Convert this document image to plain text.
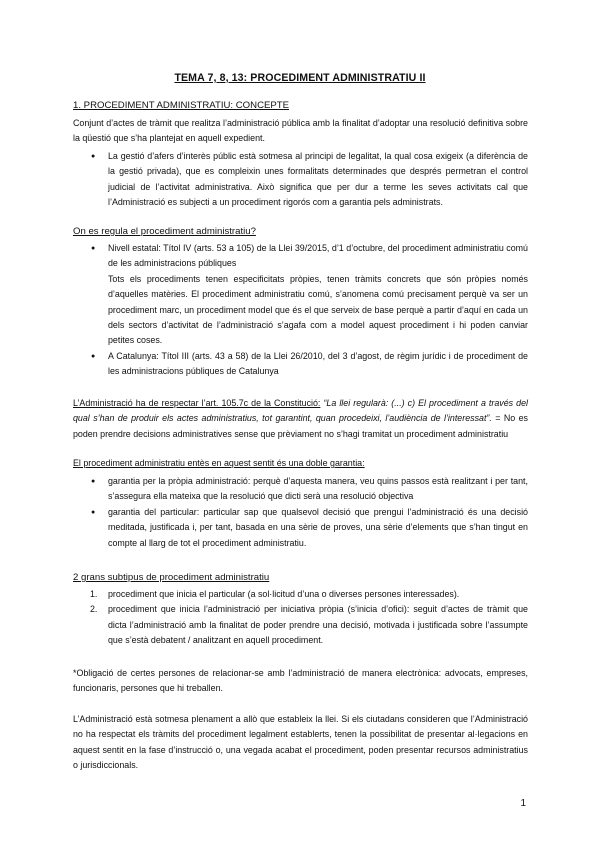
TEMA 7, 8, 13: PROCEDIMENT ADMINISTRATIU II
1. PROCEDIMENT ADMINISTRATIU: CONCEPTE
Conjunt d’actes de tràmit que realitza l’administració pública amb la finalitat d’adoptar una resolució definitiva sobre la qüestió que s’ha plantejat en aquell expedient.
● La gestió d’afers d’interès públic està sotmesa al principi de legalitat, la qual cosa exigeix (a diferència de la gestió privada), que es compleixin unes formalitats determinades que després permetran el control judicial de l’activitat administrativa. Això significa que per dur a terme les seves activitats cal que l’Administració es subjecti a un procediment rigorós com a garantia pels administrats.
On es regula el procediment administratiu?
● Nivell estatal: Títol IV (arts. 53 a 105) de la Llei 39/2015, d’1 d’octubre, del procediment administratiu comú de les administracions públiques
Tots els procediments tenen especificitats pròpies, tenen tràmits concrets que són pròpies només d’aquelles matèries. El procediment administratiu comú, s’anomena comú precisament perquè va ser un procediment marc, un procediment model que és el que serveix de base perquè a partir d’aquí en cada un dels sectors d’activitat de l’administració s’agafa com a model aquest procediment i hi poden canviar petites coses.
● A Catalunya: Títol III (arts. 43 a 58) de la Llei 26/2010, del 3 d’agost, de règim jurídic i de procediment de les administracions públiques de Catalunya
L’Administració ha de respectar l’art. 105.7c de la Constitució: “La llei regularà: (...) c) El procediment a través del qual s’han de produir els actes administratius, tot garantint, quan procedeixi, l’audiència de l’interessat”. = No es poden prendre decisions administratives sense que prèviament no s’hagi tramitat un procediment administratiu
El procediment administratiu entès en aquest sentit és una doble garantia:
● garantia per la pròpia administració: perquè d’aquesta manera, veu quins passos està realitzant i per tant, s’assegura ella mateixa que la resolució que dicti serà una resolució objectiva
● garantia del particular: particular sap que qualsevol decisió que prengui l’administració és una decisió meditada, justificada i, per tant, basada en una sèrie de proves, una sèrie d’elements que s’han tingut en compte al llarg de tot el procediment administratiu.
2 grans subtipus de procediment administratiu
1. procediment que inicia el particular (a sol·licitud d’una o diverses persones interessades).
2. procediment que inicia l’administració per iniciativa pròpia (s’inicia d’ofici): seguit d’actes de tràmit que dicta l’administració amb la finalitat de poder prendre una decisió, motivada i justificada sobre l’assumpte que s’està debatent / analitzant en aquell procediment.
*Obligació de certes persones de relacionar-se amb l’administració de manera electrònica: advocats, empreses, funcionaris, persones que hi treballen.
L’Administració està sotmesa plenament a allò que estableix la llei. Si els ciutadans consideren que l’Administració no ha respectat els tràmits del procediment legalment establerts, tenen la possibilitat de presentar al·legacions en aquest sentit en la fase d’instrucció o, una vegada acabat el procediment, poden presentar recursos administratius o jurisdiccionals.
1
